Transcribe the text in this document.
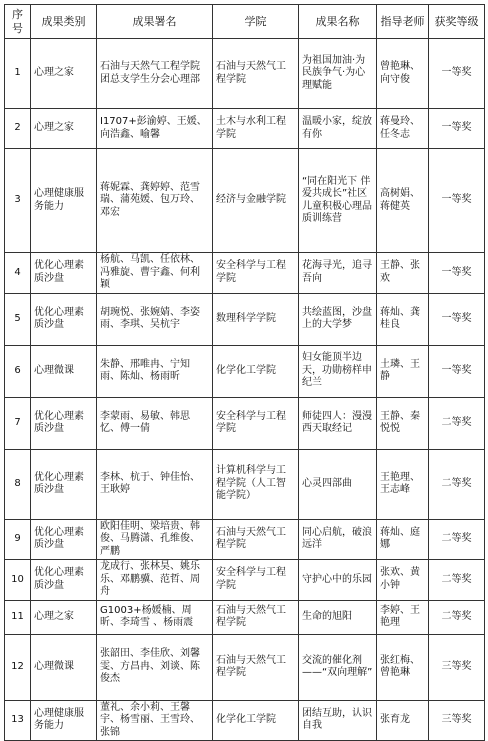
序号	成果类别	成果署名	学院	成果名称	指导老师	获奖等级
1	心理之家	石油与天然气工程学院团总支学生分会心理部	石油与天然气工程学院	为祖国加油·为民族争气·为心理赋能	曾艳琳、向守俊	一等奖
2	心理之家	I1707+彭渝婷、王媛、向浩鑫、喻馨	土木与水利工程学院	温暖小家，绽放有你	蒋曼玲、任冬志	一等奖
3	心理健康服务能力	蒋妮霖、龚婷婷、范雪瑞、蒲苑媛、包万玲、邓宏	经济与金融学院	“同在阳光下 伴爱共成长”社区儿童积极心理品质训练营	高树娟、蒋健英	一等奖
4	优化心理素质沙盘	杨航、马凯、任依林、冯雅旋、曹宇鑫、何利颖	安全科学与工程学院	花海寻光，追寻吾向	王静、张欢	一等奖
5	优化心理素质沙盘	胡琬悦、张婉婧、李姿雨、李琪、吴杭宇	数理科学学院	共绘蓝图，沙盘上的大学梦	蒋灿、龚桂良	一等奖
6	心理微课	朱静、邢唯冉、宁知雨、陈灿、杨雨昕	化学化工学院	妇女能顶半边天，功勋榜样申纪兰	土璘、王静	一等奖
7	优化心理素质沙盘	李蒙雨、易敏、韩思忆、傅一倩	安全科学与工程学院	师徒四人：漫漫西天取经记	王静、秦悦悦	二等奖
8	优化心理素质沙盘	李林、杭于、钟佳怡、王耿婷	计算机科学与工程学院（人工智能学院）	心灵四部曲	王艳理、王志峰	二等奖
9	优化心理素质沙盘	欧阳佳明、梁培贵、韩俊、马腾潇、孔维俊、严鹏	石油与天然气工程学院	同心启航，破浪远洋	蒋灿、庭娜	二等奖
10	优化心理素质沙盘	龙成行、张林昊、姚乐乐、邓鹏骥、范哲、周舟	安全科学与工程学院	守护心中的乐园	张欢、黄小钟	二等奖
11	心理之家	G1003+杨媛楠、周昕、李琦雪 、杨雨震	石油与天然气工程学院	生命的旭阳	李婷、王艳理	二等奖
12	心理微课	张韶田、李佳欣、刘馨雯、方昌冉、刘谈、陈俊杰	石油与天然气工程学院	交流的催化剂——“双向理解”	张红梅、曾艳琳	三等奖
13	心理健康服务能力	董礼、余小莉、王馨宇、杨雪丽、王雪玲、张锦	化学化工学院	团结互助，认识自我	张育龙	三等奖
